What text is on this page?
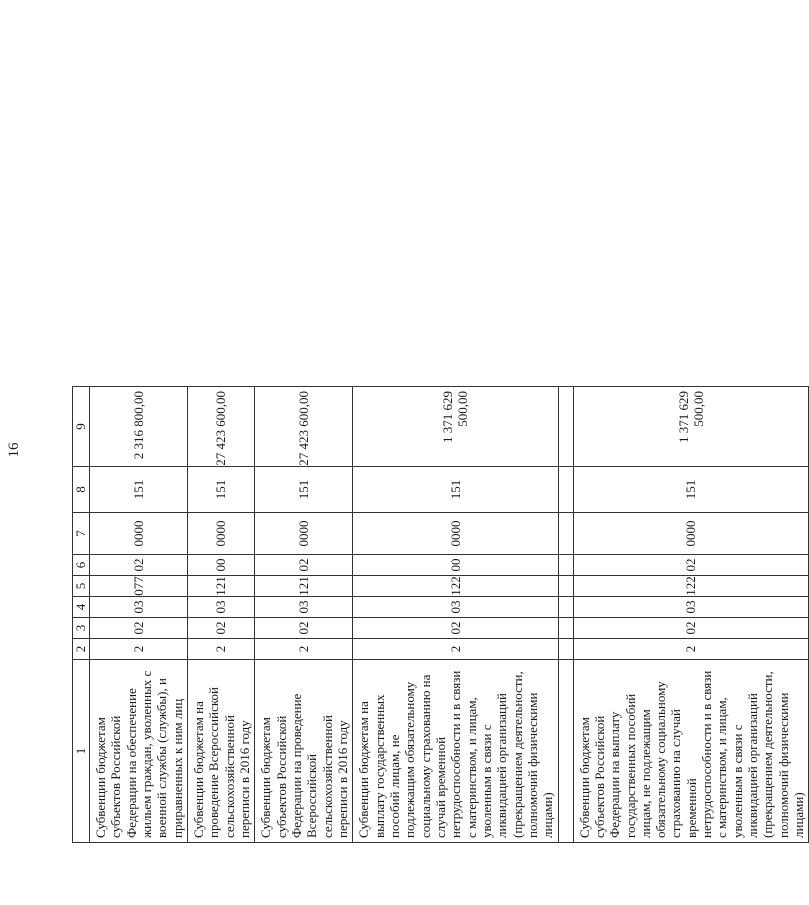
16
1	2	3	4	5	6	7	8	9
Субвенции бюджетам субъектов Российской Федерации на обеспечение жильем граждан, уволенных с военной службы (службы), и приравненных к ним лиц	2	02	03	077	02	0000	151	2 316 800,00
Субвенции бюджетам на проведение Всероссийской сельскохозяйственной переписи в 2016 году	2	02	03	121	00	0000	151	27 423 600,00
Субвенции бюджетам субъектов Российской Федерации на проведение Всероссийской сельскохозяйственной переписи в 2016 году	2	02	03	121	02	0000	151	27 423 600,00
Субвенции бюджетам на выплату государственных пособий лицам, не подлежащим обязательному социальному страхованию на случай временной нетрудоспособности и в связи с материнством, и лицам, уволенным в связи с ликвидацией организаций (прекращением деятельности, полномочий физическими лицами)	2	02	03	122	00	0000	151	1 371 629 500,00

Субвенции бюджетам субъектов Российской Федерации на выплату государственных пособий лицам, не подлежащим обязательному социальному страхованию на случай временной нетрудоспособности и в связи с материнством, и лицам, уволенным в связи с ликвидацией организаций (прекращением деятельности, полномочий физическими лицами)	2	02	03	122	02	0000	151	1 371 629 500,00
